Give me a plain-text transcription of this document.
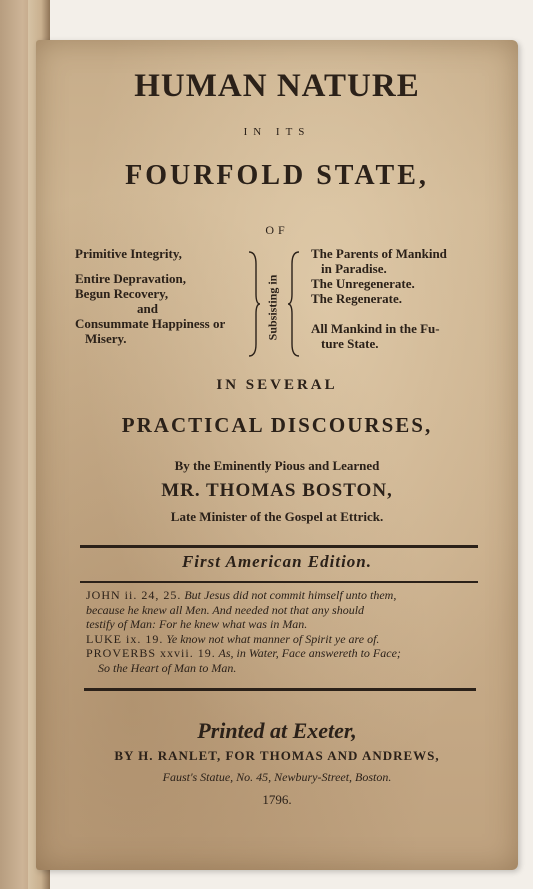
HUMAN NATURE
IN ITS
FOURFOLD STATE,
OF
Primitive Integrity,
Entire Depravation,
Begun Recovery,
and
Consummate Happiness or
Misery.	Subsisting in
The Parents of Mankind
in Paradise.
The Unregenerate.
The Regenerate.
All Mankind in the Fu-
ture State.
IN SEVERAL
PRACTICAL DISCOURSES,
By the Eminently Pious and Learned
MR. THOMAS BOSTON,
Late Minister of the Gospel at Ettrick.
First American Edition.
JOHN ii. 24, 25. But Jesus did not commit himself unto them,
because he knew all Men. And needed not that any should
testify of Man: For he knew what was in Man.
LUKE ix. 19. Ye know not what manner of Spirit ye are of.
PROVERBS xxvii. 19. As, in Water, Face answereth to Face;
So the Heart of Man to Man.
Printed at Exeter,
BY H. RANLET, FOR THOMAS AND ANDREWS,
Faust's Statue, No. 45, Newbury-Street, Boston.
1796.
